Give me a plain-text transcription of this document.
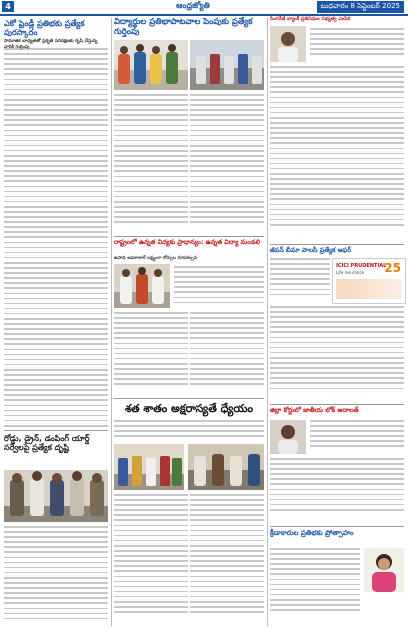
4	ఆంధ్రజ్యోతి	బుధవారం 8 సెప్టెంబర్ 2025
ఎకో ఫ్రెండ్లీ ప్రతిభకు ప్రత్యేక పురస్కారం
సామాజిక బాధ్యతతో ప్రకృతి పరిరక్షణకు కృషి చేస్తున్న
రోడ్డు, డ్రైన్, డంపింగ్ యార్డ్ సర్వేలపై ప్రత్యేక దృష్టి
విద్యార్థుల ప్రతిభాపాటవాల పెంపుకు ప్రత్యేక గుర్తింపు
రాష్ట్రంలో ఉన్నత విద్యకు ప్రాధాన్యం: ఉన్నత విద్యా మండలి
ఉపాధి అవకాశాలే లక్ష్యంగా కోర్సుల రూపకల్పన
శత శాతం అక్షరాస్యతే ధ్యేయం
సింగరేణి బ్యాంక్ ప్రతినిధుల సభ్యత్వ ఎంపిక
జీవన్ బీమా పాలసీ ప్రత్యేక ఆఫర్
ICICI PRUDENTIAL
Life Insurance 25
జిల్లా కోర్టులో జాతీయ లోక్ అదాలత్
క్రీడాకారుల ప్రతిభకు ప్రోత్సాహం
